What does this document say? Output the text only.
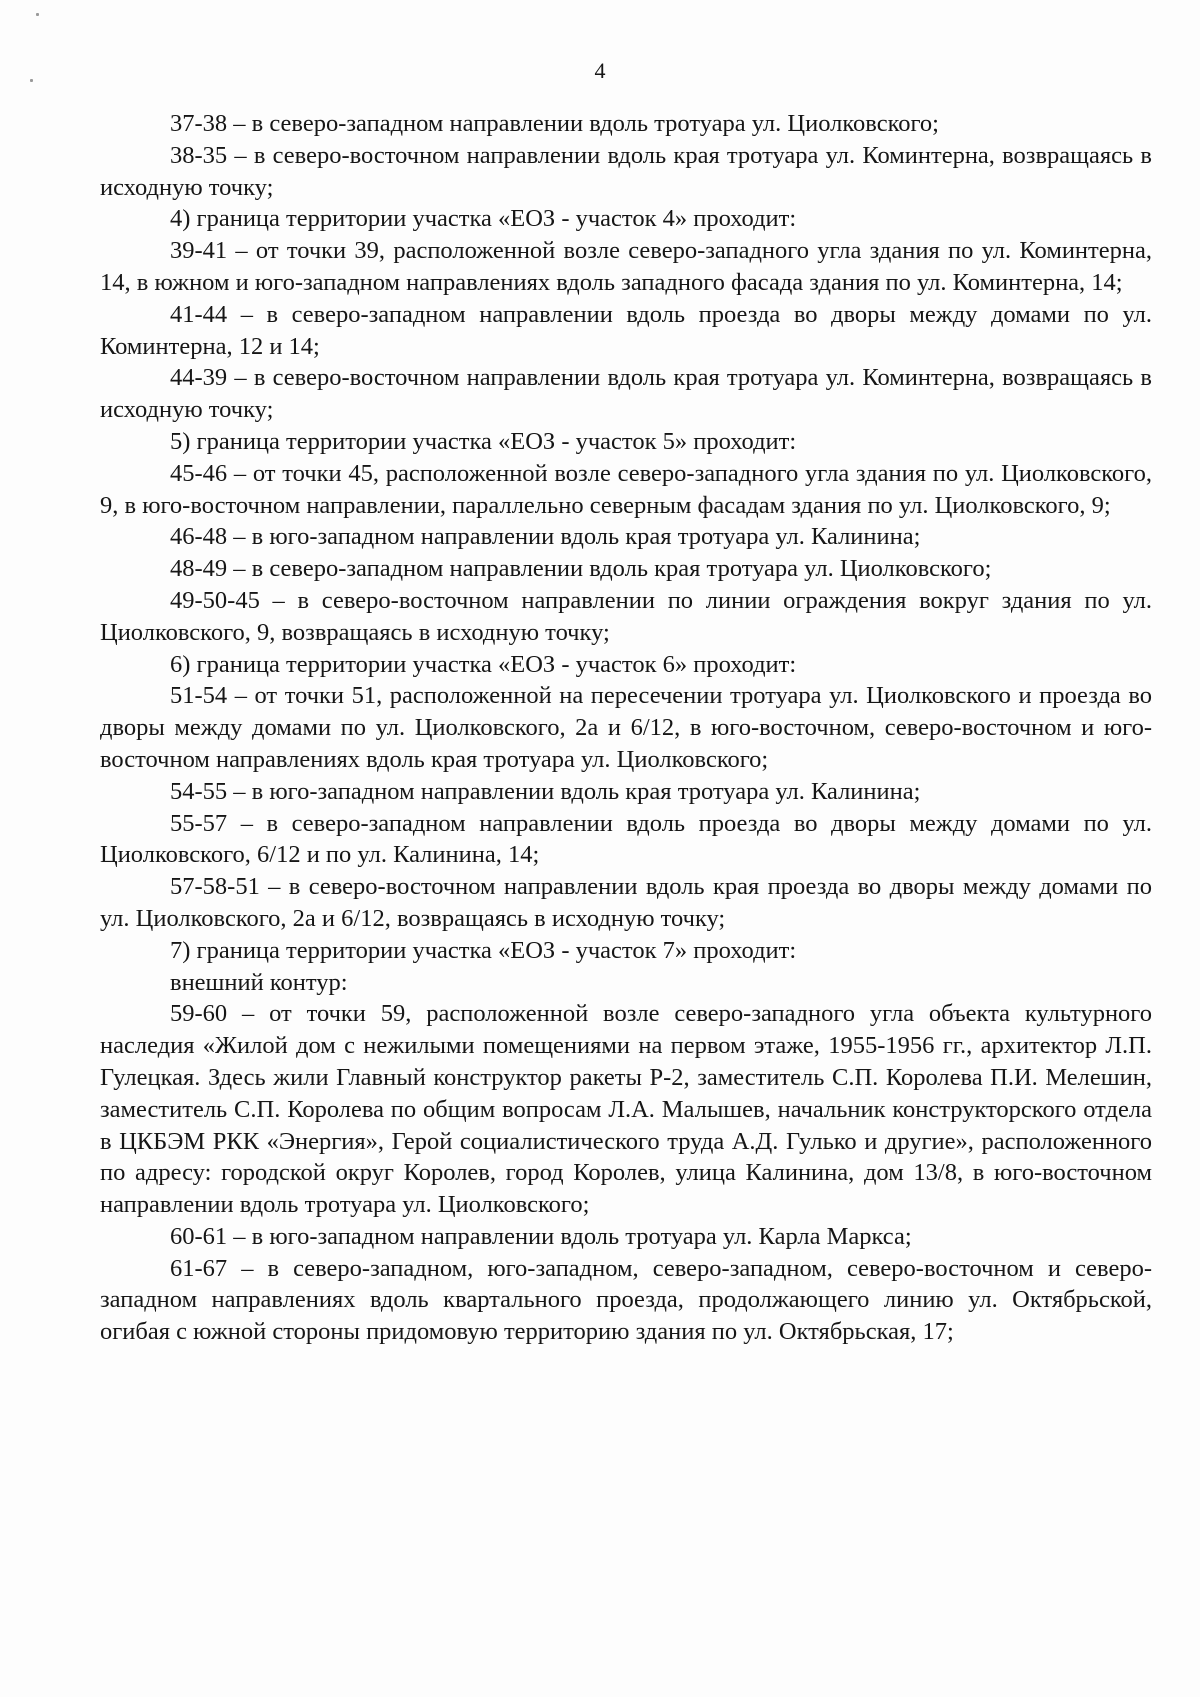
4

37-38 – в северо-западном направлении вдоль тротуара ул. Циолковского;

38-35 – в северо-восточном направлении вдоль края тротуара ул. Коминтерна, возвращаясь в исходную точку;

4) граница территории участка «ЕОЗ - участок 4» проходит:

39-41 – от точки 39, расположенной возле северо-западного угла здания по ул. Коминтерна, 14, в южном и юго-западном направлениях вдоль западного фасада здания по ул. Коминтерна, 14;

41-44 – в северо-западном направлении вдоль проезда во дворы между домами по ул. Коминтерна, 12 и 14;

44-39 – в северо-восточном направлении вдоль края тротуара ул. Коминтерна, возвращаясь в исходную точку;

5) граница территории участка «ЕОЗ - участок 5» проходит:

45-46 – от точки 45, расположенной возле северо-западного угла здания по ул. Циолковского, 9, в юго-восточном направлении, параллельно северным фасадам здания по ул. Циолковского, 9;

46-48 – в юго-западном направлении вдоль края тротуара ул. Калинина;

48-49 – в северо-западном направлении вдоль края тротуара ул. Циолковского;

49-50-45 – в северо-восточном направлении по линии ограждения вокруг здания по ул. Циолковского, 9, возвращаясь в исходную точку;

6) граница территории участка «ЕОЗ - участок 6» проходит:

51-54 – от точки 51, расположенной на пересечении тротуара ул. Циолковского и проезда во дворы между домами по ул. Циолковского, 2а и 6/12, в юго-восточном, северо-восточном и юго-восточном направлениях вдоль края тротуара ул. Циолковского;

54-55 – в юго-западном направлении вдоль края тротуара ул. Калинина;

55-57 – в северо-западном направлении вдоль проезда во дворы между домами по ул. Циолковского, 6/12 и по ул. Калинина, 14;

57-58-51 – в северо-восточном направлении вдоль края проезда во дворы между домами по ул. Циолковского, 2а и 6/12, возвращаясь в исходную точку;

7) граница территории участка «ЕОЗ - участок 7» проходит:

внешний контур:

59-60 – от точки 59, расположенной возле северо-западного угла объекта культурного наследия «Жилой дом с нежилыми помещениями на первом этаже, 1955-1956 гг., архитектор Л.П. Гулецкая. Здесь жили Главный конструктор ракеты Р-2, заместитель С.П. Королева П.И. Мелешин, заместитель С.П. Королева по общим вопросам Л.А. Малышев, начальник конструкторского отдела в ЦКБЭМ РКК «Энергия», Герой социалистического труда А.Д. Гулько и другие», расположенного по адресу: городской округ Королев, город Королев, улица Калинина, дом 13/8, в юго-восточном направлении вдоль тротуара ул. Циолковского;

60-61 – в юго-западном направлении вдоль тротуара ул. Карла Маркса;

61-67 – в северо-западном, юго-западном, северо-западном, северо-восточном и северо-западном направлениях вдоль квартального проезда, продолжающего линию ул. Октябрьской, огибая с южной стороны придомовую территорию здания по ул. Октябрьская, 17;
